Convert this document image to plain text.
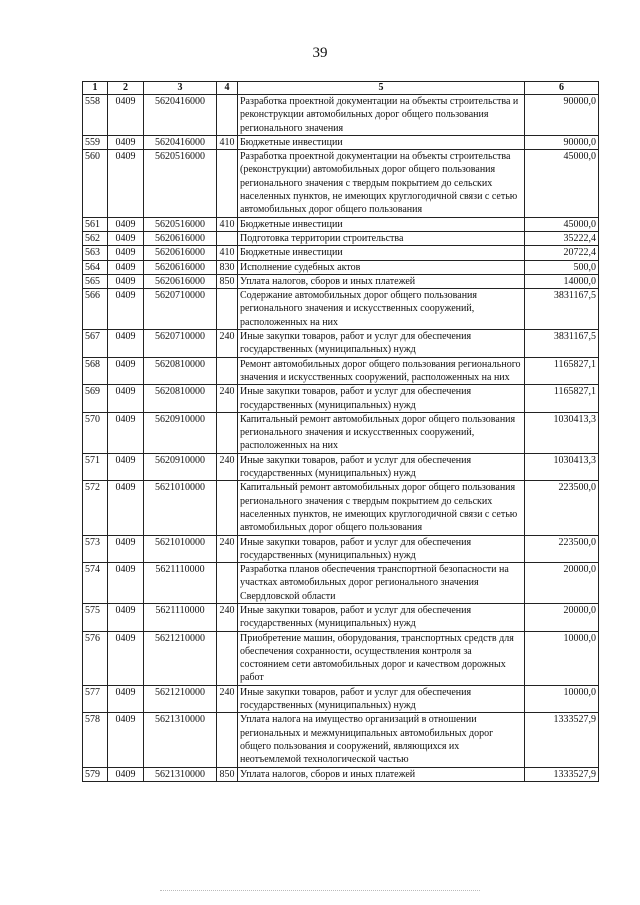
39
1	2	3	4	5	6
558	0409	5620416000		Разработка проектной документации на объекты строительства и реконструкции автомобильных дорог общего пользования регионального значения	90000,0
559	0409	5620416000	410	Бюджетные инвестиции	90000,0
560	0409	5620516000		Разработка проектной документации на объекты строительства (реконструкции) автомобильных дорог общего пользования регионального значения с твердым покрытием до сельских населенных пунктов, не имеющих круглогодичной связи с сетью автомобильных дорог общего пользования	45000,0
561	0409	5620516000	410	Бюджетные инвестиции	45000,0
562	0409	5620616000		Подготовка территории строительства	35222,4
563	0409	5620616000	410	Бюджетные инвестиции	20722,4
564	0409	5620616000	830	Исполнение судебных актов	500,0
565	0409	5620616000	850	Уплата налогов, сборов и иных платежей	14000,0
566	0409	5620710000		Содержание автомобильных дорог общего пользования регионального значения и искусственных сооружений, расположенных на них	3831167,5
567	0409	5620710000	240	Иные закупки товаров, работ и услуг для обеспечения государственных (муниципальных) нужд	3831167,5
568	0409	5620810000		Ремонт автомобильных дорог общего пользования регионального значения и искусственных сооружений, расположенных на них	1165827,1
569	0409	5620810000	240	Иные закупки товаров, работ и услуг для обеспечения государственных (муниципальных) нужд	1165827,1
570	0409	5620910000		Капитальный ремонт автомобильных дорог общего пользования регионального значения и искусственных сооружений, расположенных на них	1030413,3
571	0409	5620910000	240	Иные закупки товаров, работ и услуг для обеспечения государственных (муниципальных) нужд	1030413,3
572	0409	5621010000		Капитальный ремонт автомобильных дорог общего пользования регионального значения с твердым покрытием до сельских населенных пунктов, не имеющих круглогодичной связи с сетью автомобильных дорог общего пользования	223500,0
573	0409	5621010000	240	Иные закупки товаров, работ и услуг для обеспечения государственных (муниципальных) нужд	223500,0
574	0409	5621110000		Разработка планов обеспечения транспортной безопасности на участках автомобильных дорог регионального значения Свердловской области	20000,0
575	0409	5621110000	240	Иные закупки товаров, работ и услуг для обеспечения государственных (муниципальных) нужд	20000,0
576	0409	5621210000		Приобретение машин, оборудования, транспортных средств для обеспечения сохранности, осуществления контроля за состоянием сети автомобильных дорог и качеством дорожных работ	10000,0
577	0409	5621210000	240	Иные закупки товаров, работ и услуг для обеспечения государственных (муниципальных) нужд	10000,0
578	0409	5621310000		Уплата налога на имущество организаций в отношении региональных и межмуниципальных автомобильных дорог общего пользования и сооружений, являющихся их неотъемлемой технологической частью	1333527,9
579	0409	5621310000	850	Уплата налогов, сборов и иных платежей	1333527,9
